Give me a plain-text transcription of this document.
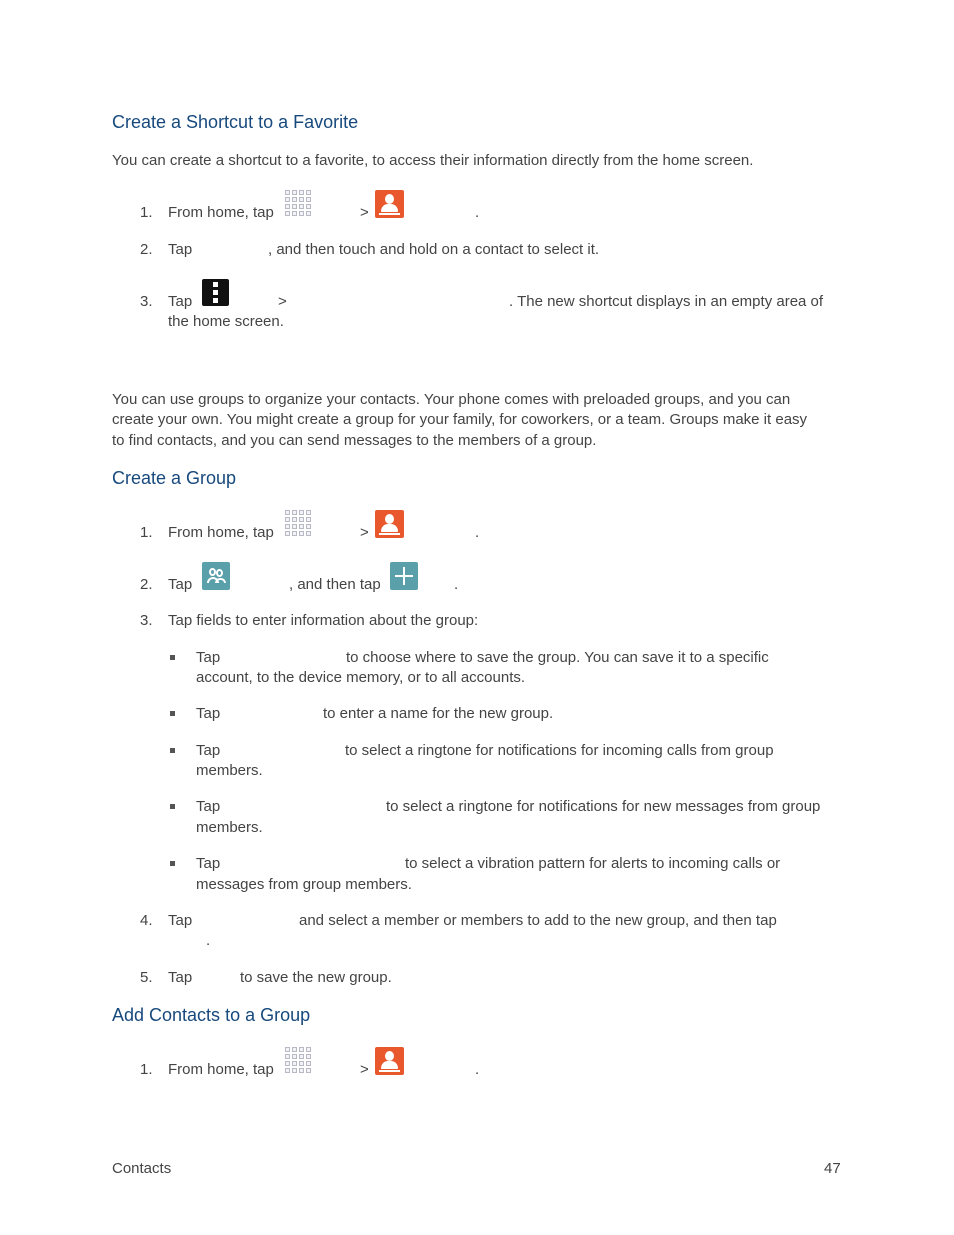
Create a Shortcut to a Favorite
You can create a shortcut to a favorite, to access their information directly from the home screen.
1. From home, tap	>	.
2. Tap	, and then touch and hold on a contact to select it.
3. Tap	>	. The new shortcut displays in an empty area of
the home screen.
You can use groups to organize your contacts. Your phone comes with preloaded groups, and you can
create your own. You might create a group for your family, for coworkers, or a team. Groups make it easy
to find contacts, and you can send messages to the members of a group.
Create a Group
1. From home, tap	>	.
2. Tap	, and then tap	.
3. Tap fields to enter information about the group:
Tap	to choose where to save the group. You can save it to a specific
account, to the device memory, or to all accounts.
Tap	to enter a name for the new group.
Tap	to select a ringtone for notifications for incoming calls from group
members.
Tap	to select a ringtone for notifications for new messages from group
members.
Tap	to select a vibration pattern for alerts to incoming calls or
messages from group members.
4. Tap	and select a member or members to add to the new group, and then tap
.
5. Tap	to save the new group.
Add Contacts to a Group
1. From home, tap	>	.
Contacts	47
